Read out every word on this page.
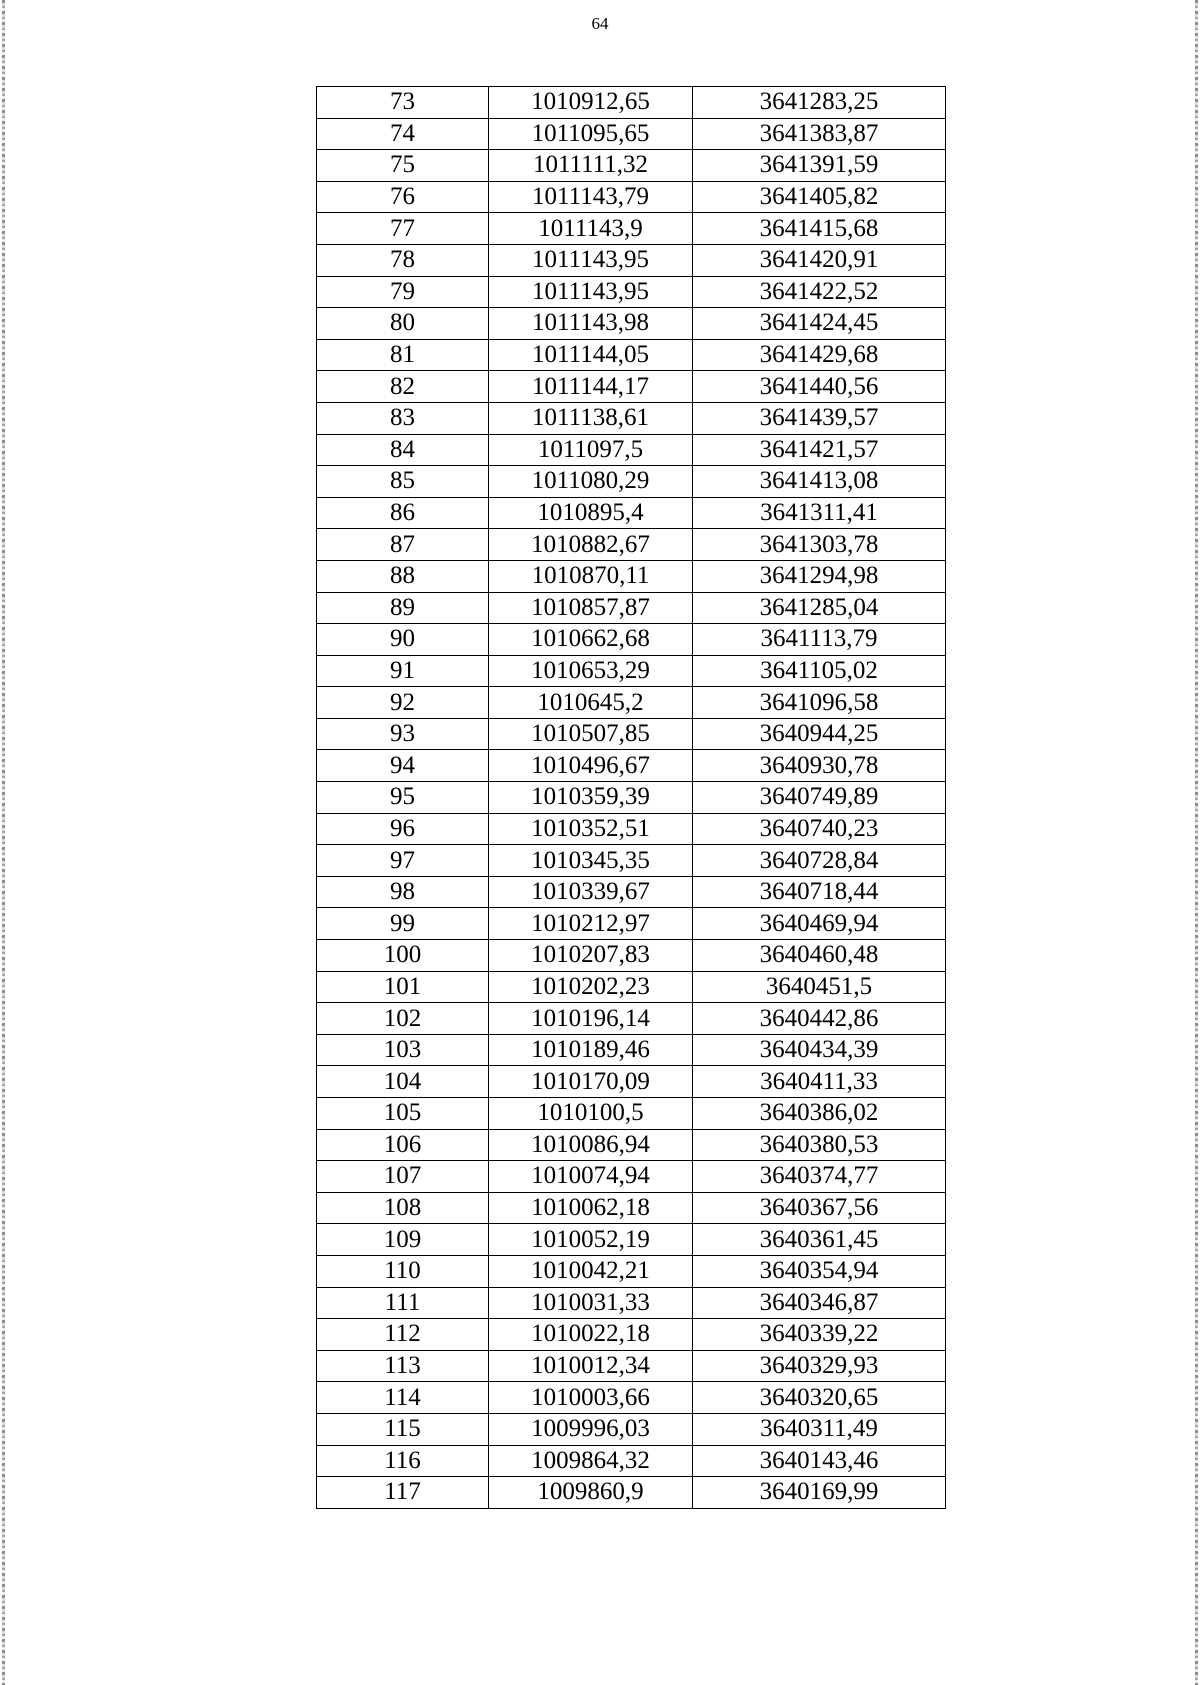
64
73	1010912,65	3641283,25
74	1011095,65	3641383,87
75	1011111,32	3641391,59
76	1011143,79	3641405,82
77	1011143,9	3641415,68
78	1011143,95	3641420,91
79	1011143,95	3641422,52
80	1011143,98	3641424,45
81	1011144,05	3641429,68
82	1011144,17	3641440,56
83	1011138,61	3641439,57
84	1011097,5	3641421,57
85	1011080,29	3641413,08
86	1010895,4	3641311,41
87	1010882,67	3641303,78
88	1010870,11	3641294,98
89	1010857,87	3641285,04
90	1010662,68	3641113,79
91	1010653,29	3641105,02
92	1010645,2	3641096,58
93	1010507,85	3640944,25
94	1010496,67	3640930,78
95	1010359,39	3640749,89
96	1010352,51	3640740,23
97	1010345,35	3640728,84
98	1010339,67	3640718,44
99	1010212,97	3640469,94
100	1010207,83	3640460,48
101	1010202,23	3640451,5
102	1010196,14	3640442,86
103	1010189,46	3640434,39
104	1010170,09	3640411,33
105	1010100,5	3640386,02
106	1010086,94	3640380,53
107	1010074,94	3640374,77
108	1010062,18	3640367,56
109	1010052,19	3640361,45
110	1010042,21	3640354,94
111	1010031,33	3640346,87
112	1010022,18	3640339,22
113	1010012,34	3640329,93
114	1010003,66	3640320,65
115	1009996,03	3640311,49
116	1009864,32	3640143,46
117	1009860,9	3640169,99
